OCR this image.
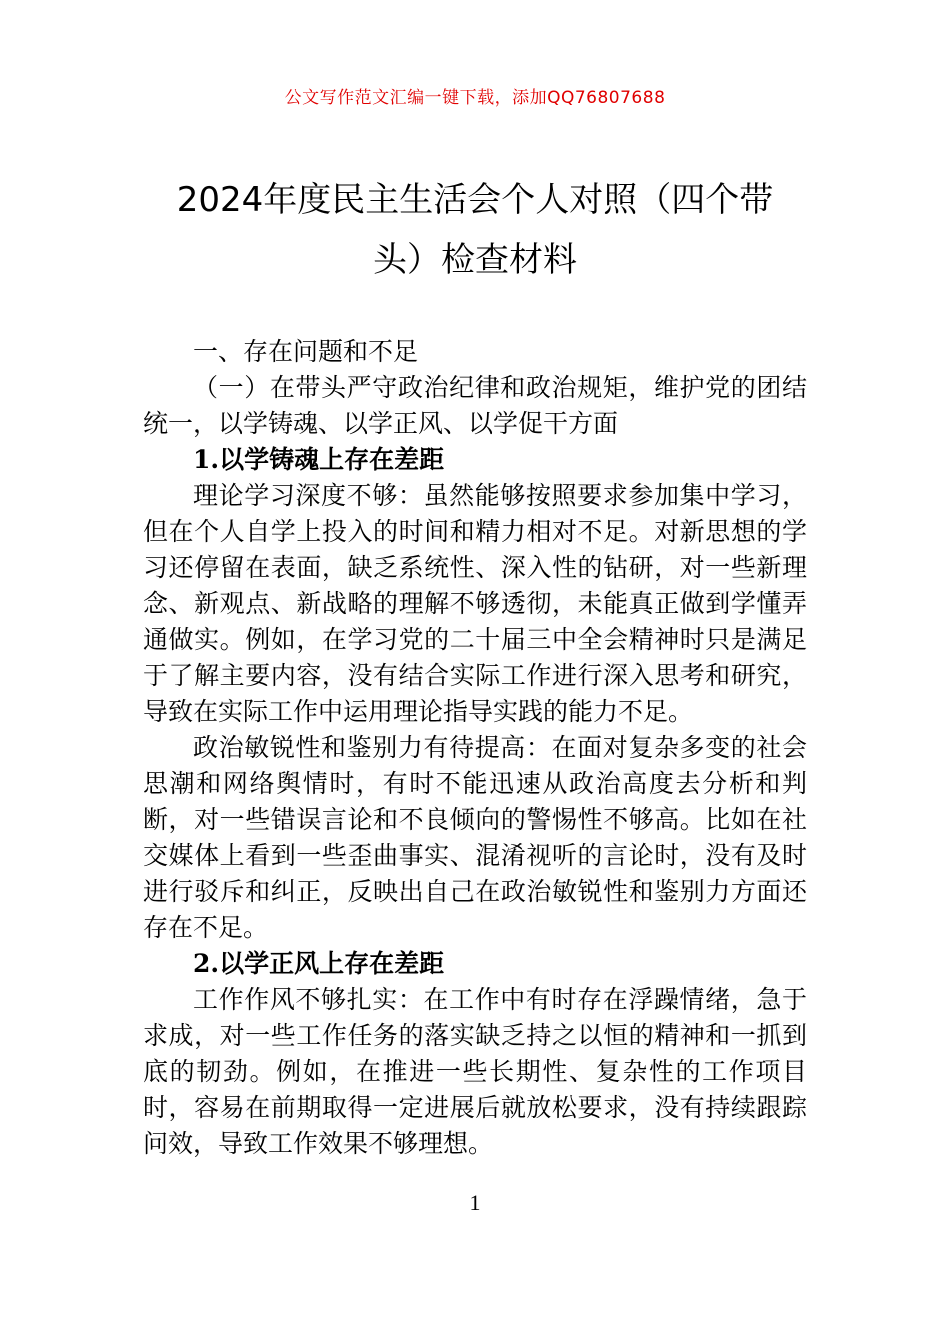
公文写作范文汇编一键下载，添加QQ76807688
2024年度民主生活会个人对照（四个带
头）检查材料

一、存在问题和不足

（一）在带头严守政治纪律和政治规矩，维护党的团结统一，以学铸魂、以学正风、以学促干方面

1.以学铸魂上存在差距

理论学习深度不够：虽然能够按照要求参加集中学习，但在个人自学上投入的时间和精力相对不足。对新思想的学习还停留在表面，缺乏系统性、深入性的钻研，对一些新理念、新观点、新战略的理解不够透彻，未能真正做到学懂弄通做实。例如，在学习党的二十届三中全会精神时只是满足于了解主要内容，没有结合实际工作进行深入思考和研究，导致在实际工作中运用理论指导实践的能力不足。

政治敏锐性和鉴别力有待提高：在面对复杂多变的社会思潮和网络舆情时，有时不能迅速从政治高度去分析和判断，对一些错误言论和不良倾向的警惕性不够高。比如在社交媒体上看到一些歪曲事实、混淆视听的言论时，没有及时进行驳斥和纠正，反映出自己在政治敏锐性和鉴别力方面还存在不足。

2.以学正风上存在差距

工作作风不够扎实：在工作中有时存在浮躁情绪，急于求成，对一些工作任务的落实缺乏持之以恒的精神和一抓到底的韧劲。例如，在推进一些长期性、复杂性的工作项目时，容易在前期取得一定进展后就放松要求，没有持续跟踪问效，导致工作效果不够理想。

1
